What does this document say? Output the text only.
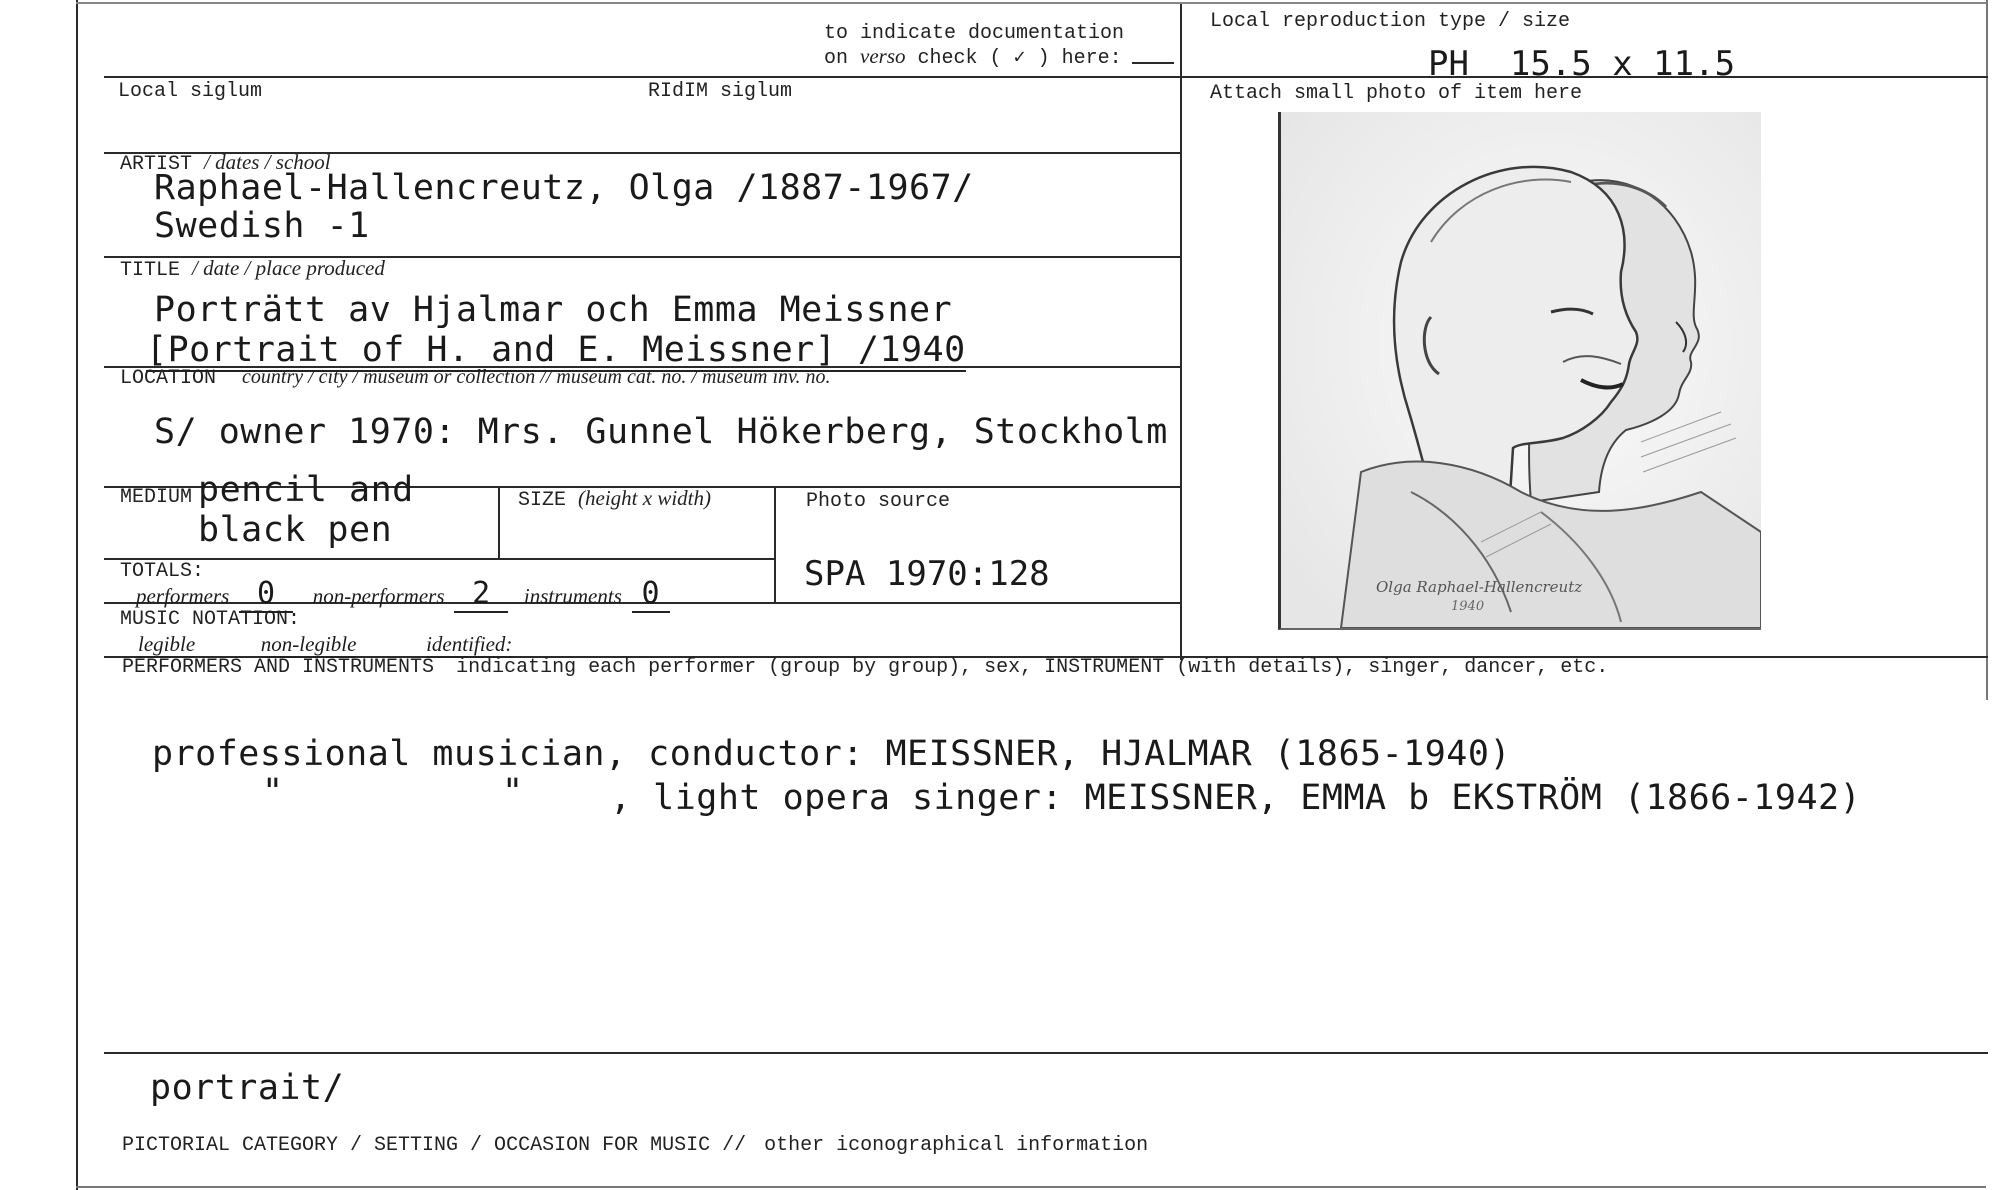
to indicate documentation
on verso check ( ✓ ) here:
Local reproduction type / size
PH  15.5 x 11.5
Local siglum	RIdIM siglum	Attach small photo of item here
ARTIST / dates / school
Raphael-Hallencreutz, Olga /1887-1967/
Swedish -1
TITLE / date / place produced
Porträtt av Hjalmar och Emma Meissner
[Portrait of H. and E. Meissner] /1940
LOCATION country / city / museum or collection // museum cat. no. / museum inv. no.
S/ owner 1970: Mrs. Gunnel Hökerberg, Stockholm
MEDIUM pencil and
black pen
SIZE (height x width)	Photo source
SPA 1970:128
TOTALS:
performers 0 non-performers 2 instruments 0
MUSIC NOTATION:
legible	non-legible	identified:
Olga Raphael-Hallencreutz
1940
PERFORMERS AND INSTRUMENTS indicating each performer (group by group), sex, INSTRUMENT (with details), singer, dancer, etc.
professional musician, conductor: MEISSNER, HJALMAR (1865-1940)
"	" , light opera singer: MEISSNER, EMMA b EKSTRÖM (1866-1942)
portrait/
PICTORIAL CATEGORY / SETTING / OCCASION FOR MUSIC // other iconographical information
